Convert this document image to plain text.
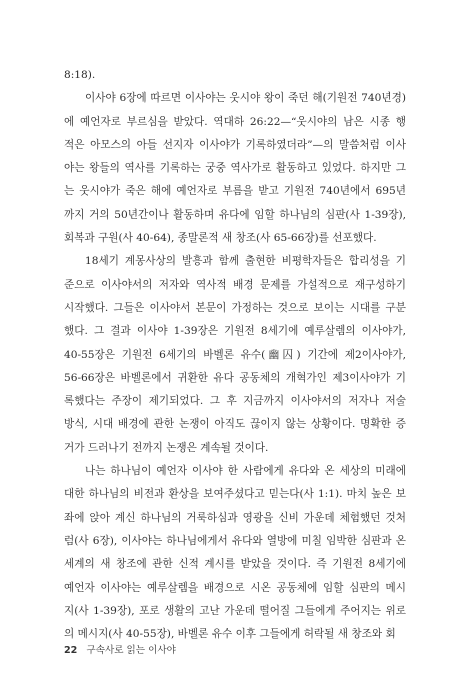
8:18).
이사야 6장에 따르면 이사야는 웃시야 왕이 죽던 해(기원전 740년경)
에 예언자로 부르심을 받았다. 역대하 26:22—“웃시야의 남은 시종 행
적은 아모스의 아들 선지자 이사야가 기록하였더라”—의 말씀처럼 이사
야는 왕들의 역사를 기록하는 궁중 역사가로 활동하고 있었다. 하지만 그
는 웃시야가 죽은 해에 예언자로 부름을 받고 기원전 740년에서 695년
까지 거의 50년간이나 활동하며 유다에 임할 하나님의 심판(사 1-39장),
회복과 구원(사 40-64), 종말론적 새 창조(사 65-66장)를 선포했다.
18세기 계몽사상의 발흥과 함께 출현한 비평학자들은 합리성을 기
준으로 이사야서의 저자와 역사적 배경 문제를 가설적으로 재구성하기
시작했다. 그들은 이사야서 본문이 가정하는 것으로 보이는 시대를 구분
했다. 그 결과 이사야 1-39장은 기원전 8세기에 예루살렘의 이사야가,
40-55장은 기원전 6세기의 바벨론 유수(幽囚) 기간에 제2이사야가,
56-66장은 바벨론에서 귀환한 유다 공동체의 개혁가인 제3이사야가 기
록했다는 주장이 제기되었다. 그 후 지금까지 이사야서의 저자나 저술
방식, 시대 배경에 관한 논쟁이 아직도 끊이지 않는 상황이다. 명확한 증
거가 드러나기 전까지 논쟁은 계속될 것이다.
나는 하나님이 예언자 이사야 한 사람에게 유다와 온 세상의 미래에
대한 하나님의 비전과 환상을 보여주셨다고 믿는다(사 1:1). 마치 높은 보
좌에 앉아 계신 하나님의 거룩하심과 영광을 신비 가운데 체험했던 것처
럼(사 6장), 이사야는 하나님에게서 유다와 열방에 미칠 임박한 심판과 온
세계의 새 창조에 관한 신적 계시를 받았을 것이다. 즉 기원전 8세기에
예언자 이사야는 예루살렘을 배경으로 시온 공동체에 임할 심판의 메시
지(사 1-39장), 포로 생활의 고난 가운데 떨어질 그들에게 주어지는 위로
의 메시지(사 40-55장), 바벨론 유수 이후 그들에게 허락될 새 창조와 회
22 구속사로 읽는 이사야
